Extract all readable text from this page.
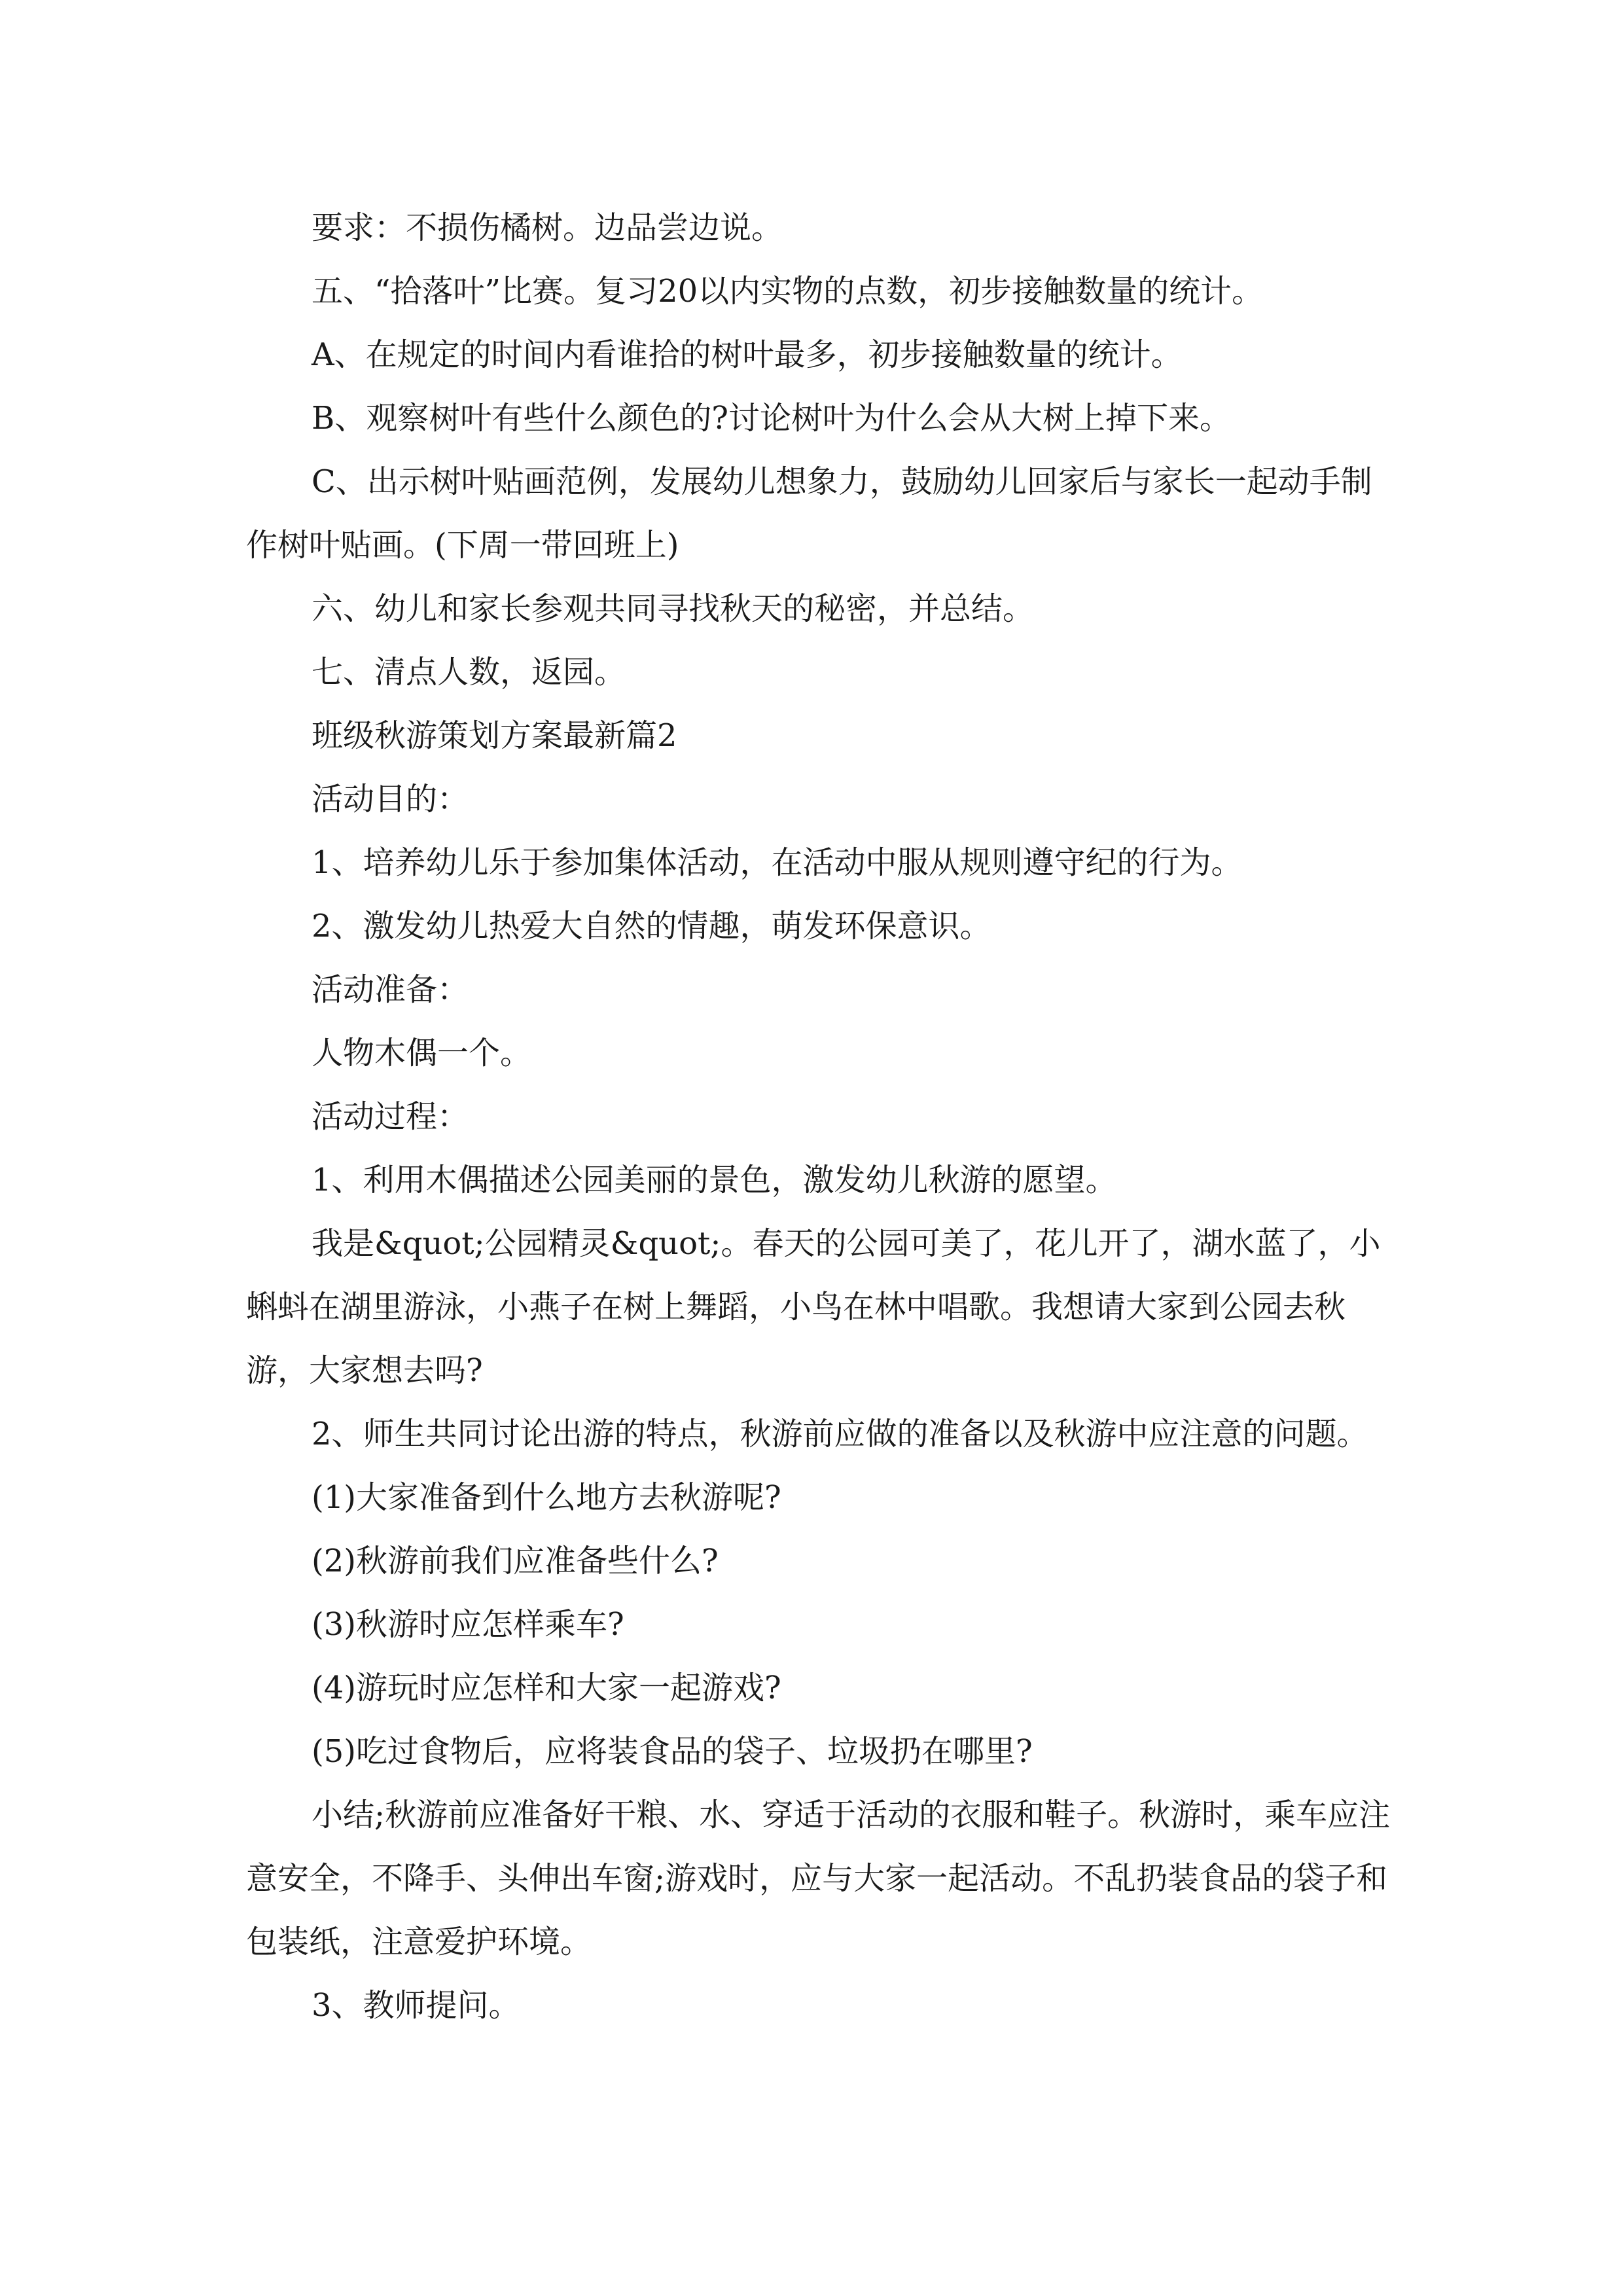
要求：不损伤橘树。边品尝边说。

五、“拾落叶”比赛。复习20以内实物的点数，初步接触数量的统计。

A、在规定的时间内看谁拾的树叶最多，初步接触数量的统计。

B、观察树叶有些什么颜色的?讨论树叶为什么会从大树上掉下来。

C、出示树叶贴画范例，发展幼儿想象力，鼓励幼儿回家后与家长一起动手制作树叶贴画。(下周一带回班上)

六、幼儿和家长参观共同寻找秋天的秘密，并总结。

七、清点人数，返园。

班级秋游策划方案最新篇2

活动目的：

1、培养幼儿乐于参加集体活动，在活动中服从规则遵守纪的行为。

2、激发幼儿热爱大自然的情趣，萌发环保意识。

活动准备：

人物木偶一个。

活动过程：

1、利用木偶描述公园美丽的景色，激发幼儿秋游的愿望。

我是&quot;公园精灵&quot;。春天的公园可美了，花儿开了，湖水蓝了，小蝌蚪在湖里游泳，小燕子在树上舞蹈，小鸟在林中唱歌。我想请大家到公园去秋游，大家想去吗?

2、师生共同讨论出游的特点，秋游前应做的准备以及秋游中应注意的问题。

(1)大家准备到什么地方去秋游呢?

(2)秋游前我们应准备些什么?

(3)秋游时应怎样乘车?

(4)游玩时应怎样和大家一起游戏?

(5)吃过食物后，应将装食品的袋子、垃圾扔在哪里?

小结;秋游前应准备好干粮、水、穿适于活动的衣服和鞋子。秋游时，乘车应注意安全，不降手、头伸出车窗;游戏时，应与大家一起活动。不乱扔装食品的袋子和包装纸，注意爱护环境。

3、教师提问。
